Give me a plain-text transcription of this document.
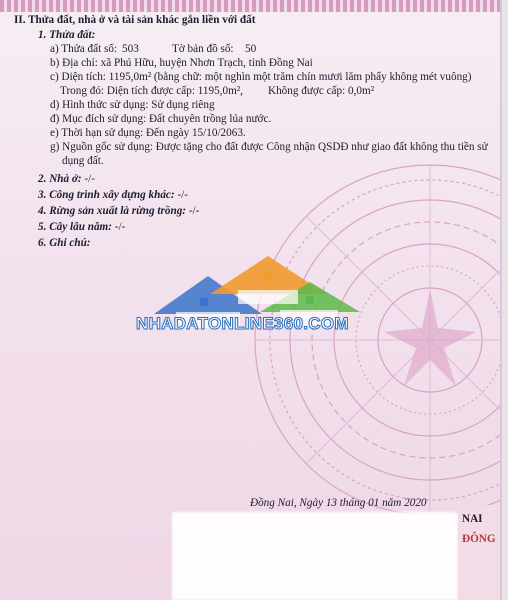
II. Thửa đất, nhà ở và tài sản khác gắn liền với đất
1. Thửa đất:
a) Thửa đất số: 503	Tờ bản đồ số: 50
b) Địa chỉ: xã Phú Hữu, huyện Nhơn Trạch, tỉnh Đồng Nai
c) Diện tích: 1195,0m² (bằng chữ: một nghìn một trăm chín mươi lăm phẩy không mét vuông)
Trong đó: Diện tích được cấp: 1195,0m², Không được cấp: 0,0m²
d) Hình thức sử dụng: Sử dụng riêng
đ) Mục đích sử dụng: Đất chuyên trồng lúa nước.
e) Thời hạn sử dụng: Đến ngày 15/10/2063.
g) Nguồn gốc sử dụng: Được tặng cho đất được Công nhận QSDĐ như giao đất không thu tiền sử
dụng đất.
2. Nhà ở: -/-
3. Công trình xây dựng khác: -/-
4. Rừng sản xuất là rừng trồng: -/-
5. Cây lâu năm: -/-
6. Ghi chú:
NHADATONLINE360.COM
Đồng Nai, Ngày 13 tháng 01 năm 2020
NAI
ĐÔNG
